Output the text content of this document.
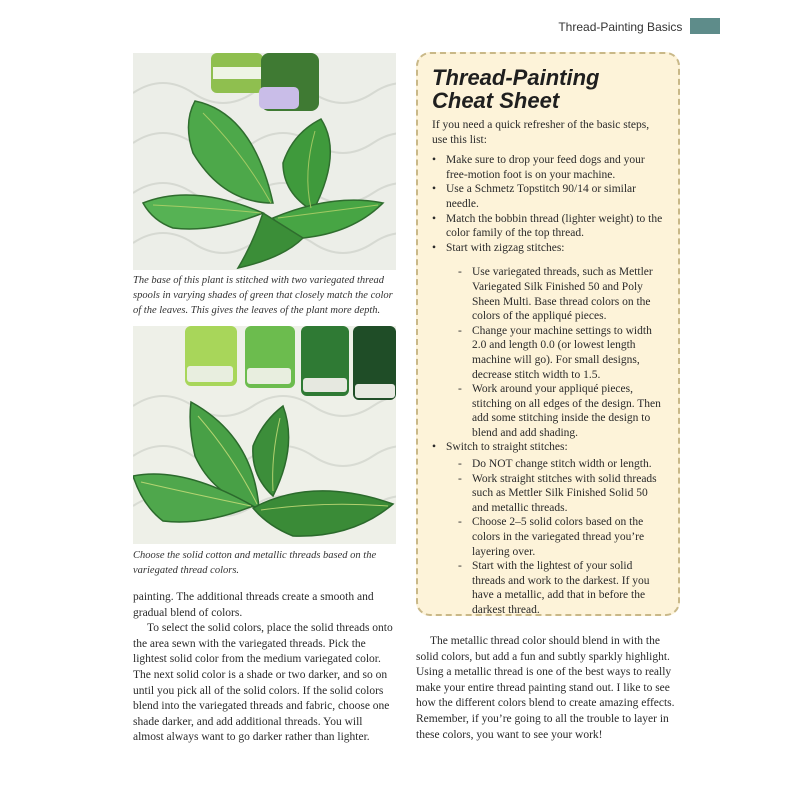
Thread-Painting Basics
The base of this plant is stitched with two variegated thread spools in varying shades of green that closely match the color of the leaves. This gives the leaves of the plant more depth.
Choose the solid cotton and metallic threads based on the variegated thread colors.

painting. The additional threads create a smooth and gradual blend of colors.

To select the solid colors, place the solid threads onto the area sewn with the variegated threads. Pick the lightest solid color from the medium variegated color. The next solid color is a shade or two darker, and so on until you pick all of the solid colors. If the solid colors blend into the variegated threads and fabric, choose one shade darker, and add additional threads. You will almost always want to go darker rather than lighter.

Thread-Painting
Cheat Sheet

If you need a quick refresher of the basic steps, use this list:

• Make sure to drop your feed dogs and your free-motion foot is on your machine.
• Use a Schmetz Topstitch 90/14 or similar needle.
• Match the bobbin thread (lighter weight) to the color family of the top thread.
• Start with zigzag stitches:
- Use variegated threads, such as Mettler Variegated Silk Finished 50 and Poly Sheen Multi. Base thread colors on the colors of the appliqué pieces.
- Change your machine settings to width 2.0 and length 0.0 (or lowest length machine will go). For small designs, decrease stitch width to 1.5.
- Work around your appliqué pieces, stitching on all edges of the design. Then add some stitching inside the design to blend and add shading.
• Switch to straight stitches:
- Do NOT change stitch width or length.
- Work straight stitches with solid threads such as Mettler Silk Finished Solid 50 and metallic threads.
- Choose 2–5 solid colors based on the colors in the variegated thread you’re layering over.
- Start with the lightest of your solid threads and work to the darkest. If you have a metallic, add that in before the darkest thread.

The metallic thread color should blend in with the solid colors, but add a fun and subtly sparkly highlight. Using a metallic thread is one of the best ways to really make your entire thread painting stand out. I like to see how the different colors blend to create amazing effects. Remember, if you’re going to all the trouble to layer in these colors, you want to see your work!
